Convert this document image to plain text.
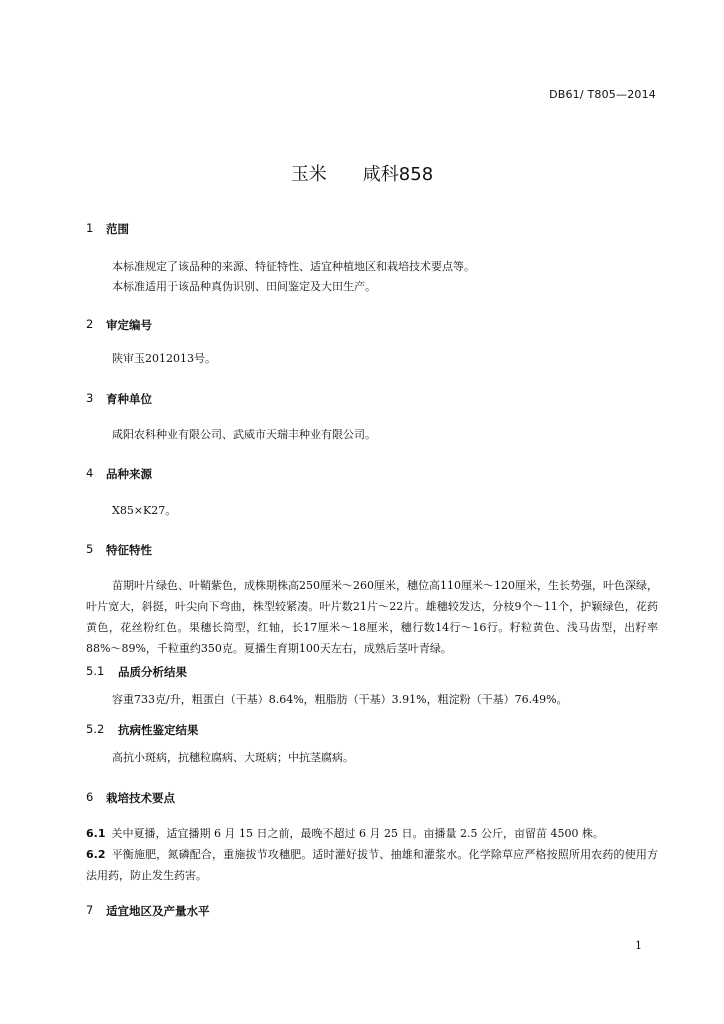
DB61/ T805—2014
玉米　　咸科858
1 范围
本标准规定了该品种的来源、特征特性、适宜种植地区和栽培技术要点等。
本标准适用于该品种真伪识别、田间鉴定及大田生产。
2 审定编号
陕审玉2012013号。
3 育种单位
咸阳农科种业有限公司、武威市天瑞丰种业有限公司。
4 品种来源
X85×K27。
5 特征特性
苗期叶片绿色、叶鞘紫色，成株期株高250厘米～260厘米，穗位高110厘米～120厘米，生长势强，叶色深绿，叶片宽大，斜挺，叶尖向下弯曲，株型较紧凑。叶片数21片～22片。雄穗较发达，分枝9个～11个，护颖绿色，花药黄色，花丝粉红色。果穗长筒型，红轴，长17厘米～18厘米，穗行数14行～16行。籽粒黄色、浅马齿型，出籽率88%～89%，千粒重约350克。夏播生育期100天左右，成熟后茎叶青绿。
5.1	品质分析结果
容重733克/升，粗蛋白（干基）8.64%，粗脂肪（干基）3.91%，粗淀粉（干基）76.49%。
5.2	抗病性鉴定结果
高抗小斑病，抗穗粒腐病、大斑病；中抗茎腐病。
6 栽培技术要点
6.1 关中夏播，适宜播期 6 月 15 日之前，最晚不超过 6 月 25 日。亩播量 2.5 公斤，亩留苗 4500 株。
6.2 平衡施肥，氮磷配合，重施拔节攻穗肥。适时灌好拔节、抽雄和灌浆水。化学除草应严格按照所用农药的使用方法用药，防止发生药害。
7 适宜地区及产量水平
1
